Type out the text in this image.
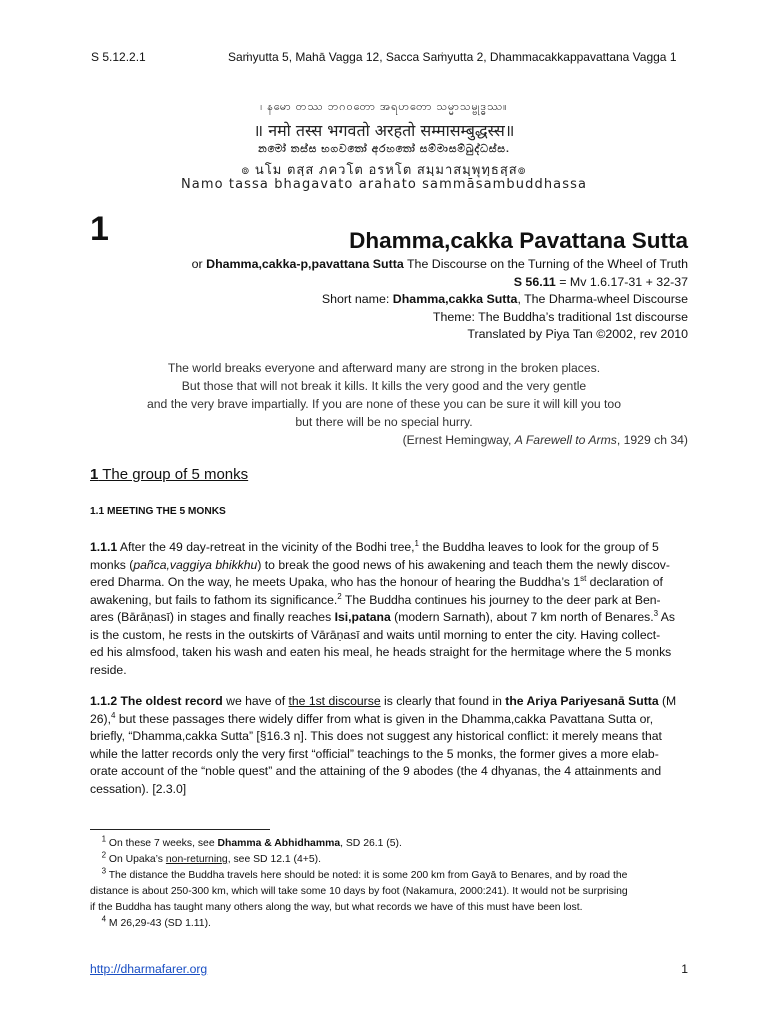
S 5.12.2.1	Saṁyutta 5, Mahā Vagga 12, Sacca Saṁyutta 2, Dhammacakkappavattana Vagga 1
၊ နမော တဿ ဘဂဝတော အရဟတော သမ္မာသမ္ဗုဒ္ဓဿ။
॥ नमो तस्स भगवतो अरहतो सम्मासम्बुद्धस्स॥
නමෝ තස්ස භගවතෝ අරහතෝ සම්මාසම්බුද්ධස්ස.
๏ นโม ตสฺส ภควโต อรหโต สมฺมาสมฺพุทฺธสฺส๏
Namo tassa bhagavato arahato sammāsambuddhassa
1	Dhamma,cakka Pavattana Sutta
or Dhamma,cakka-p,pavattana Sutta The Discourse on the Turning of the Wheel of Truth
S 56.11 = Mv 1.6.17-31 + 32-37
Short name: Dhamma,cakka Sutta, The Dharma-wheel Discourse
Theme: The Buddha’s traditional 1st discourse
Translated by Piya Tan ©2002, rev 2010
The world breaks everyone and afterward many are strong in the broken places.
But those that will not break it kills. It kills the very good and the very gentle
and the very brave impartially. If you are none of these you can be sure it will kill you too
but there will be no special hurry.
(Ernest Hemingway, A Farewell to Arms, 1929 ch 34)
1 The group of 5 monks
1.1 MEETING THE 5 MONKS
1.1.1 After the 49 day-retreat in the vicinity of the Bodhi tree,$^1$ the Buddha leaves to look for the group of 5
monks (pañca,vaggiya bhikkhu) to break the good news of his awakening and teach them the newly discov-
ered Dharma. On the way, he meets Upaka, who has the honour of hearing the Buddha’s 1st declaration of
awakening, but fails to fathom its significance.$^2$ The Buddha continues his journey to the deer park at Ben-
ares (Bārāṇasī) in stages and finally reaches Isi,patana (modern Sarnath), about 7 km north of Benares.$^3$ As
is the custom, he rests in the outskirts of Vārāṇasī and waits until morning to enter the city. Having collect-
ed his almsfood, taken his wash and eaten his meal, he heads straight for the hermitage where the 5 monks
reside.
1.1.2 The oldest record we have of the 1st discourse is clearly that found in the Ariya Pariyesanā Sutta (M
26),$^4$ but these passages there widely differ from what is given in the Dhamma,cakka Pavattana Sutta or,
briefly, “Dhamma,cakka Sutta” [§16.3 n]. This does not suggest any historical conflict: it merely means that
while the latter records only the very first “official” teachings to the 5 monks, the former gives a more elab-
orate account of the “noble quest” and the attaining of the 9 abodes (the 4 dhyanas, the 4 attainments and
cessation). [2.3.0]
$^1$ On these 7 weeks, see Dhamma & Abhidhamma, SD 26.1 (5).
$^2$ On Upaka’s non-returning, see SD 12.1 (4+5).
$^3$ The distance the Buddha travels here should be noted: it is some 200 km from Gayā to Benares, and by road the
distance is about 250-300 km, which will take some 10 days by foot (Nakamura, 2000:241). It would not be surprising
if the Buddha has taught many others along the way, but what records we have of this must have been lost.
$^4$ M 26,29-43 (SD 1.11).
http://dharmafarer.org	1
